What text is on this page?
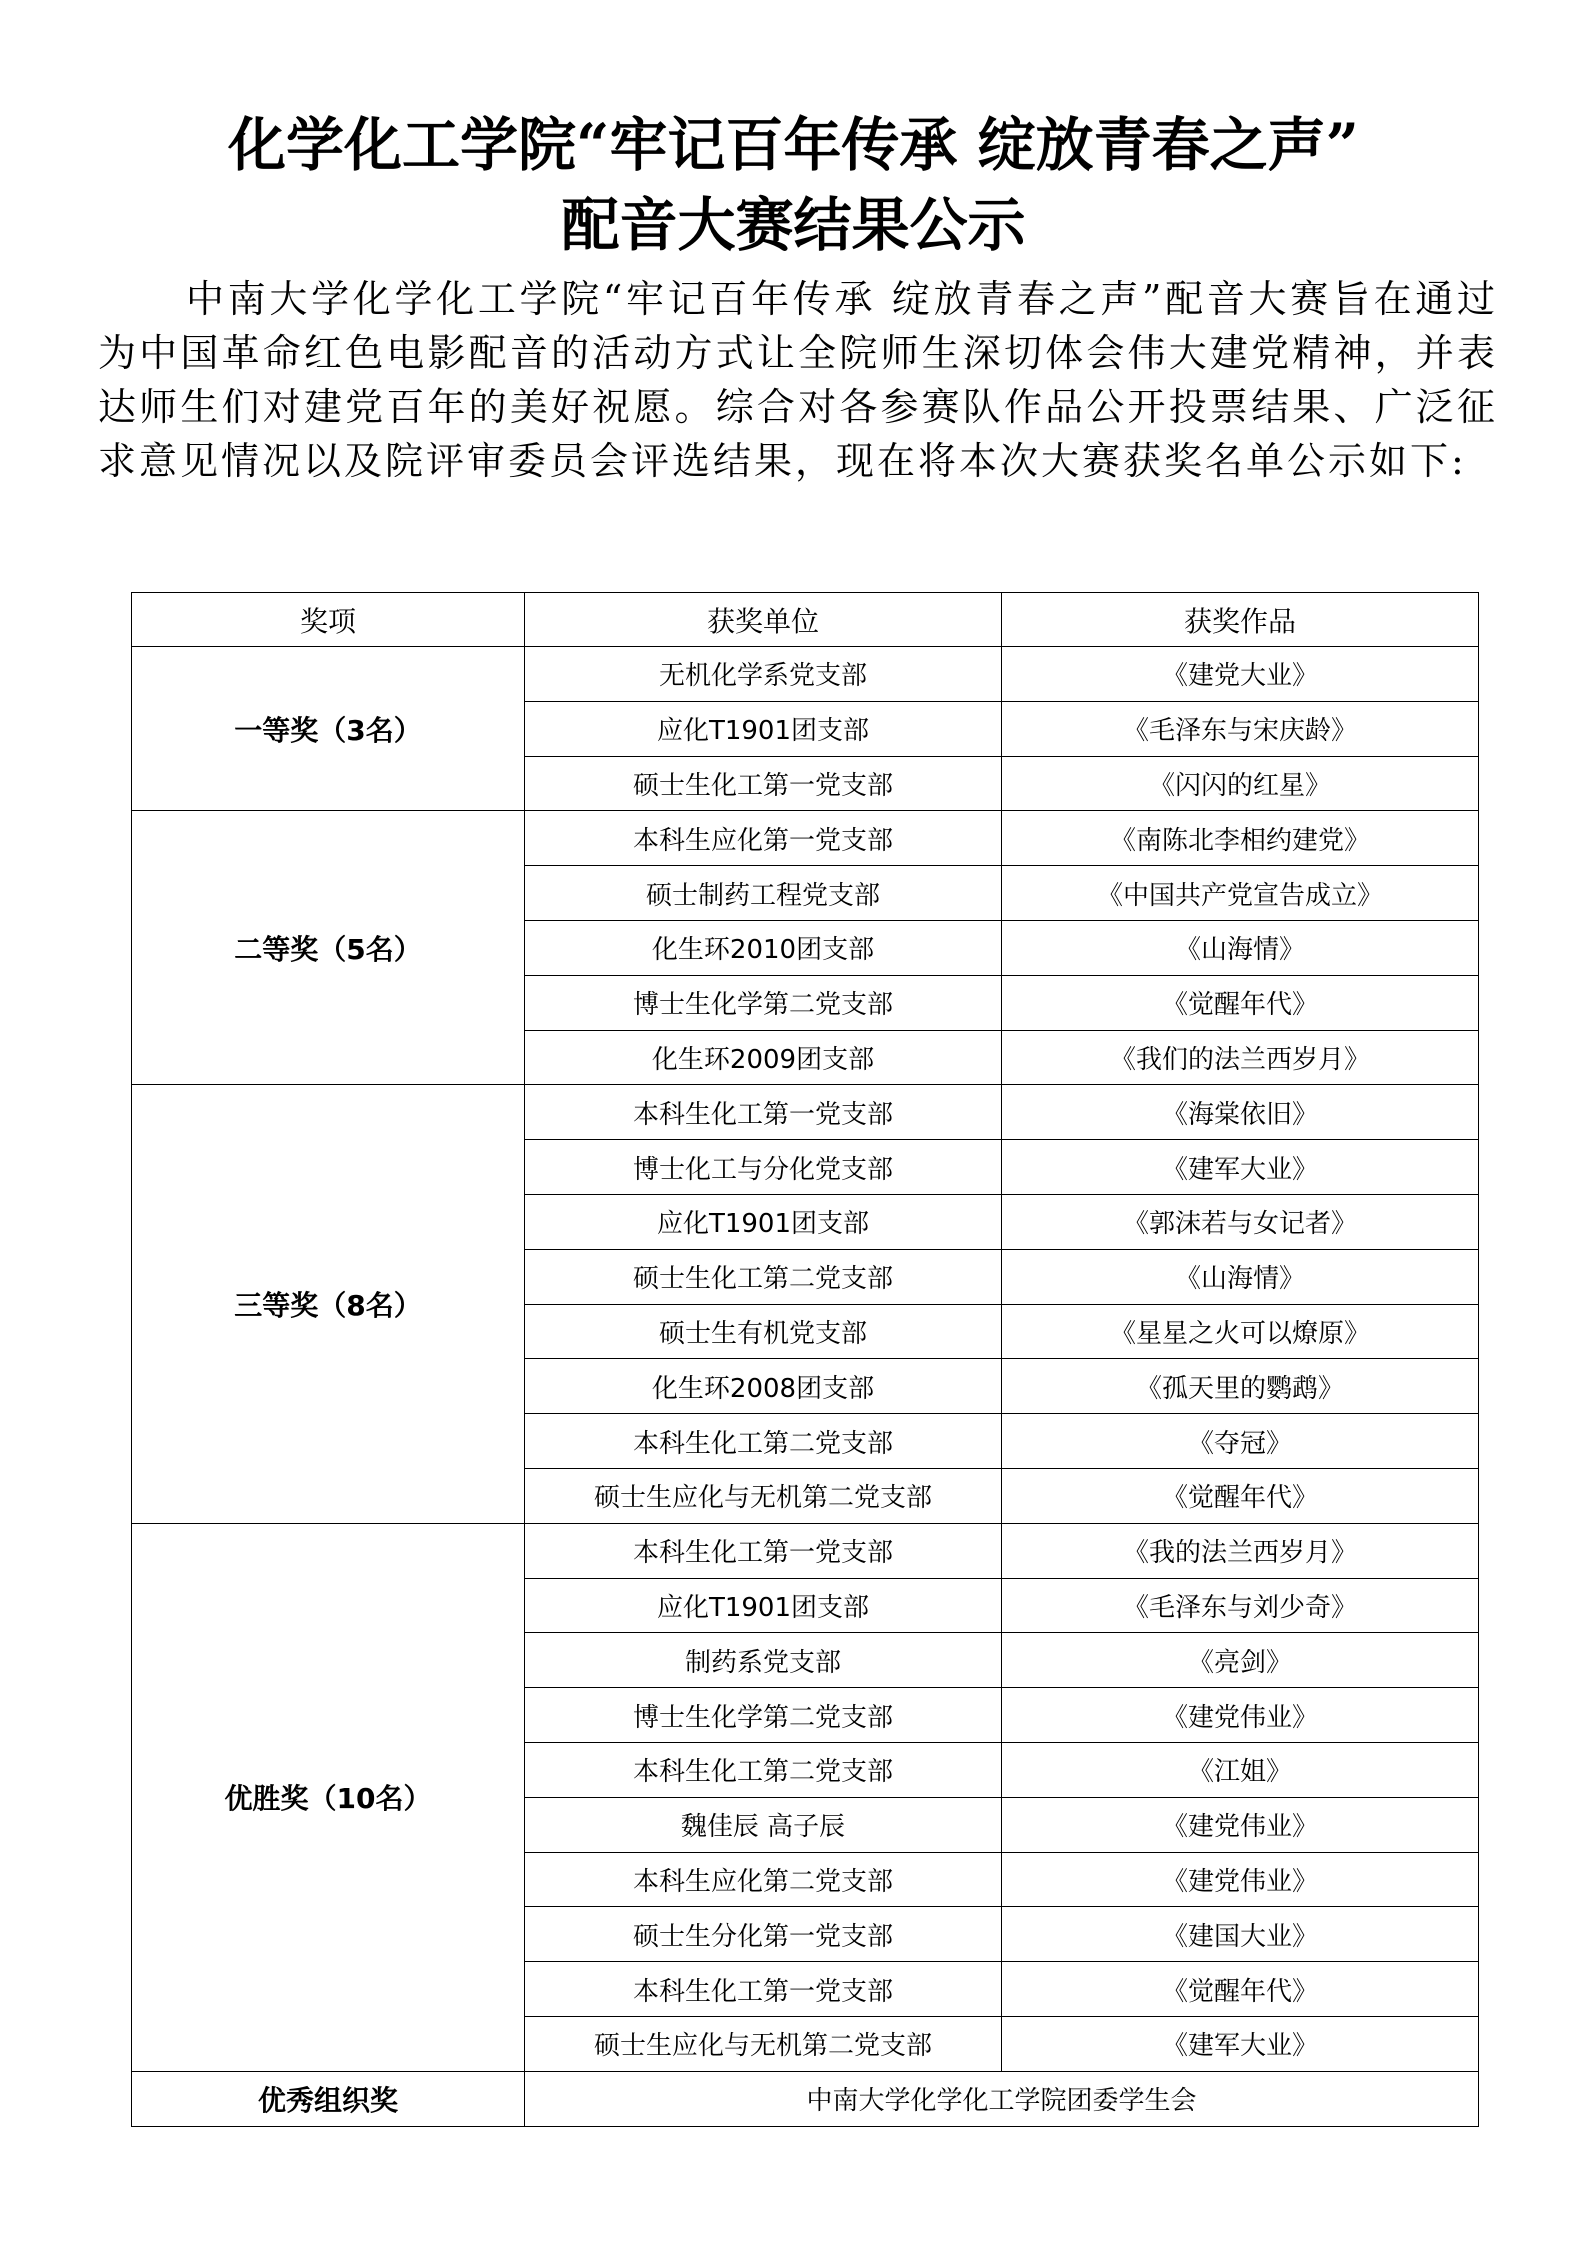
化学化工学院“牢记百年传承 绽放青春之声”
配音大赛结果公示

中南大学化学化工学院“牢记百年传承 绽放青春之声”配音大赛旨在通过为中国革命红色电影配音的活动方式让全院师生深切体会伟大建党精神，并表达师生们对建党百年的美好祝愿。综合对各参赛队作品公开投票结果、广泛征求意见情况以及院评审委员会评选结果，现在将本次大赛获奖名单公示如下:

奖项	获奖单位	获奖作品
一等奖（3名）	无机化学系党支部	《建党大业》
	应化T1901团支部	《毛泽东与宋庆龄》
	硕士生化工第一党支部	《闪闪的红星》
二等奖（5名）	本科生应化第一党支部	《南陈北李相约建党》
	硕士制药工程党支部	《中国共产党宣告成立》
	化生环2010团支部	《山海情》
	博士生化学第二党支部	《觉醒年代》
	化生环2009团支部	《我们的法兰西岁月》
三等奖（8名）	本科生化工第一党支部	《海棠依旧》
	博士化工与分化党支部	《建军大业》
	应化T1901团支部	《郭沫若与女记者》
	硕士生化工第二党支部	《山海情》
	硕士生有机党支部	《星星之火可以燎原》
	化生环2008团支部	《孤天里的鹦鹉》
	本科生化工第二党支部	《夺冠》
	硕士生应化与无机第二党支部	《觉醒年代》
优胜奖（10名）	本科生化工第一党支部	《我的法兰西岁月》
	应化T1901团支部	《毛泽东与刘少奇》
	制药系党支部	《亮剑》
	博士生化学第二党支部	《建党伟业》
	本科生化工第二党支部	《江姐》
	魏佳辰 高子辰	《建党伟业》
	本科生应化第二党支部	《建党伟业》
	硕士生分化第一党支部	《建国大业》
	本科生化工第一党支部	《觉醒年代》
	硕士生应化与无机第二党支部	《建军大业》
优秀组织奖	中南大学化学化工学院团委学生会	
